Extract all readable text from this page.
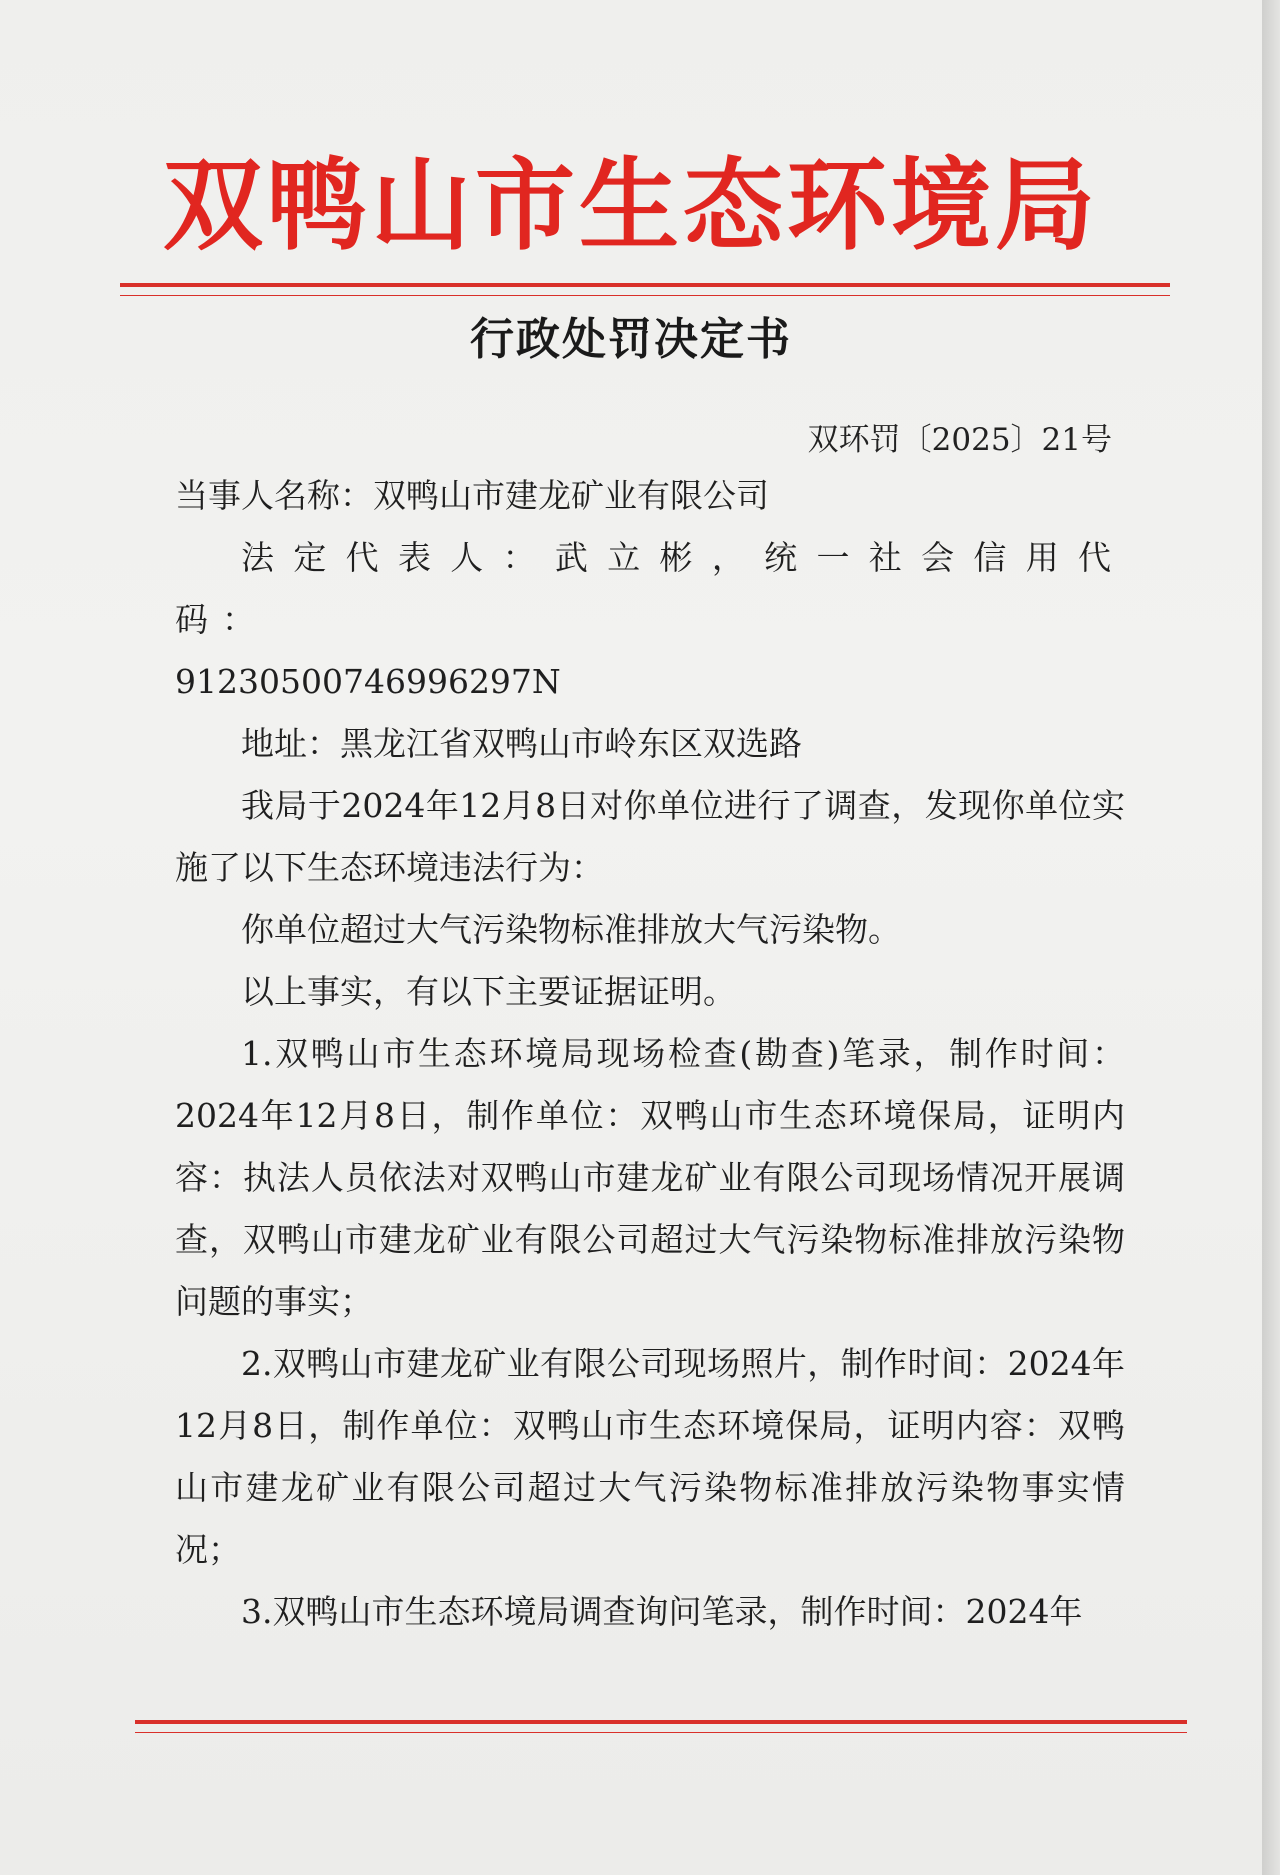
双鸭山市生态环境局
行政处罚决定书
双环罚〔2025〕21号

当事人名称：双鸭山市建龙矿业有限公司

法定代表人：武立彬，统一社会信用代码：

91230500746996297N

地址：黑龙江省双鸭山市岭东区双选路

我局于2024年12月8日对你单位进行了调查，发现你单位实施了以下生态环境违法行为：

你单位超过大气污染物标准排放大气污染物。

以上事实，有以下主要证据证明。

1.双鸭山市生态环境局现场检查(勘查)笔录，制作时间：2024年12月8日，制作单位：双鸭山市生态环境保局，证明内容：执法人员依法对双鸭山市建龙矿业有限公司现场情况开展调查，双鸭山市建龙矿业有限公司超过大气污染物标准排放污染物问题的事实；

2.双鸭山市建龙矿业有限公司现场照片，制作时间：2024年12月8日，制作单位：双鸭山市生态环境保局，证明内容：双鸭山市建龙矿业有限公司超过大气污染物标准排放污染物事实情况；

3.双鸭山市生态环境局调查询问笔录，制作时间：2024年
